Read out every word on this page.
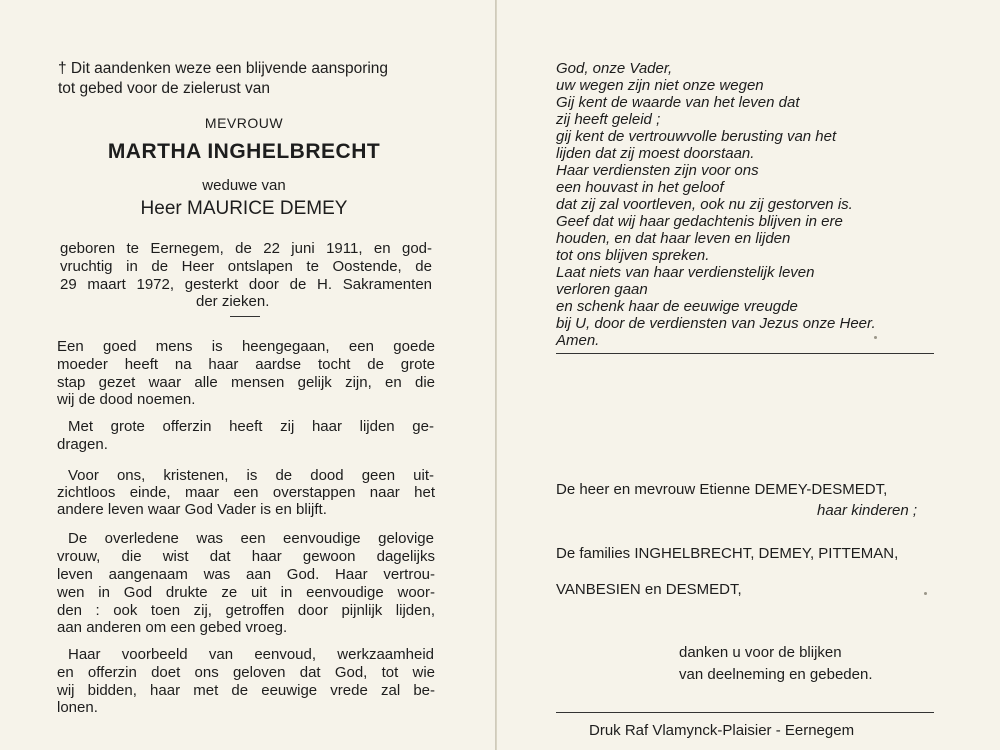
† Dit aandenken weze een blijvende aansporing
tot gebed voor de zielerust van
MEVROUW
MARTHA INGHELBRECHT
weduwe van
Heer MAURICE DEMEY
geboren te Eernegem, de 22 juni 1911, en god-
vruchtig in de Heer ontslapen te Oostende, de
29 maart 1972, gesterkt door de H. Sakramenten
der zieken.
Een goed mens is heengegaan, een goede
moeder heeft na haar aardse tocht de grote
stap gezet waar alle mensen gelijk zijn, en die
wij de dood noemen.
Met grote offerzin heeft zij haar lijden ge-
dragen.
Voor ons, kristenen, is de dood geen uit-
zichtloos einde, maar een overstappen naar het
andere leven waar God Vader is en blijft.
De overledene was een eenvoudige gelovige
vrouw, die wist dat haar gewoon dagelijks
leven aangenaam was aan God. Haar vertrou-
wen in God drukte ze uit in eenvoudige woor-
den : ook toen zij, getroffen door pijnlijk lijden,
aan anderen om een gebed vroeg.
Haar voorbeeld van eenvoud, werkzaamheid
en offerzin doet ons geloven dat God, tot wie
wij bidden, haar met de eeuwige vrede zal be-
lonen.
God, onze Vader,
uw wegen zijn niet onze wegen
Gij kent de waarde van het leven dat
zij heeft geleid ;
gij kent de vertrouwvolle berusting van het
lijden dat zij moest doorstaan.
Haar verdiensten zijn voor ons
een houvast in het geloof
dat zij zal voortleven, ook nu zij gestorven is.
Geef dat wij haar gedachtenis blijven in ere
houden, en dat haar leven en lijden
tot ons blijven spreken.
Laat niets van haar verdienstelijk leven
verloren gaan
en schenk haar de eeuwige vreugde
bij U, door de verdiensten van Jezus onze Heer.
Amen.
De heer en mevrouw Etienne DEMEY-DESMEDT,
haar kinderen ;
De families INGHELBRECHT, DEMEY, PITTEMAN,
VANBESIEN en DESMEDT,
danken u voor de blijken
van deelneming en gebeden.
Druk Raf Vlamynck-Plaisier - Eernegem
